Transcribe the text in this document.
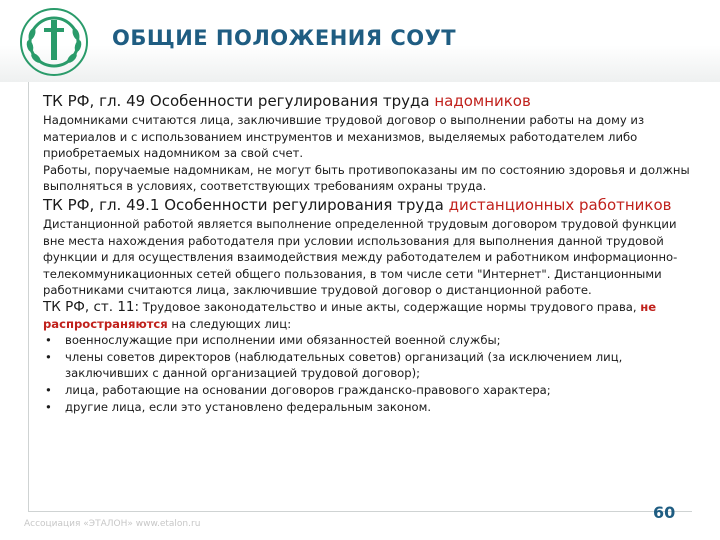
ОБЩИЕ ПОЛОЖЕНИЯ СОУТ
ТК РФ, гл. 49 Особенности регулирования труда надомников

Надомниками считаются лица, заключившие трудовой договор о выполнении работы на дому из материалов и с использованием инструментов и механизмов, выделяемых работодателем либо приобретаемых надомником за свой счет.

Работы, поручаемые надомникам, не могут быть противопоказаны им по состоянию здоровья и должны выполняться в условиях, соответствующих требованиям охраны труда.

ТК РФ, гл. 49.1 Особенности регулирования труда дистанционных работников

Дистанционной работой является выполнение определенной трудовым договором трудовой функции вне места нахождения работодателя при условии использования для выполнения данной трудовой функции и для осуществления взаимодействия между работодателем и работником информационно-телекоммуникационных сетей общего пользования, в том числе сети "Интернет". Дистанционными работниками считаются лица, заключившие трудовой договор о дистанционной работе.

ТК РФ, ст. 11: Трудовое законодательство и иные акты, содержащие нормы трудового права, не распространяются на следующих лиц:

• военнослужащие при исполнении ими обязанностей военной службы;
• члены советов директоров (наблюдательных советов) организаций (за исключением лиц, заключивших с данной организацией трудовой договор);
• лица, работающие на основании договоров гражданско-правового характера;
• другие лица, если это установлено федеральным законом.
Ассоциация «ЭТАЛОН» www.etalon.ru
60
